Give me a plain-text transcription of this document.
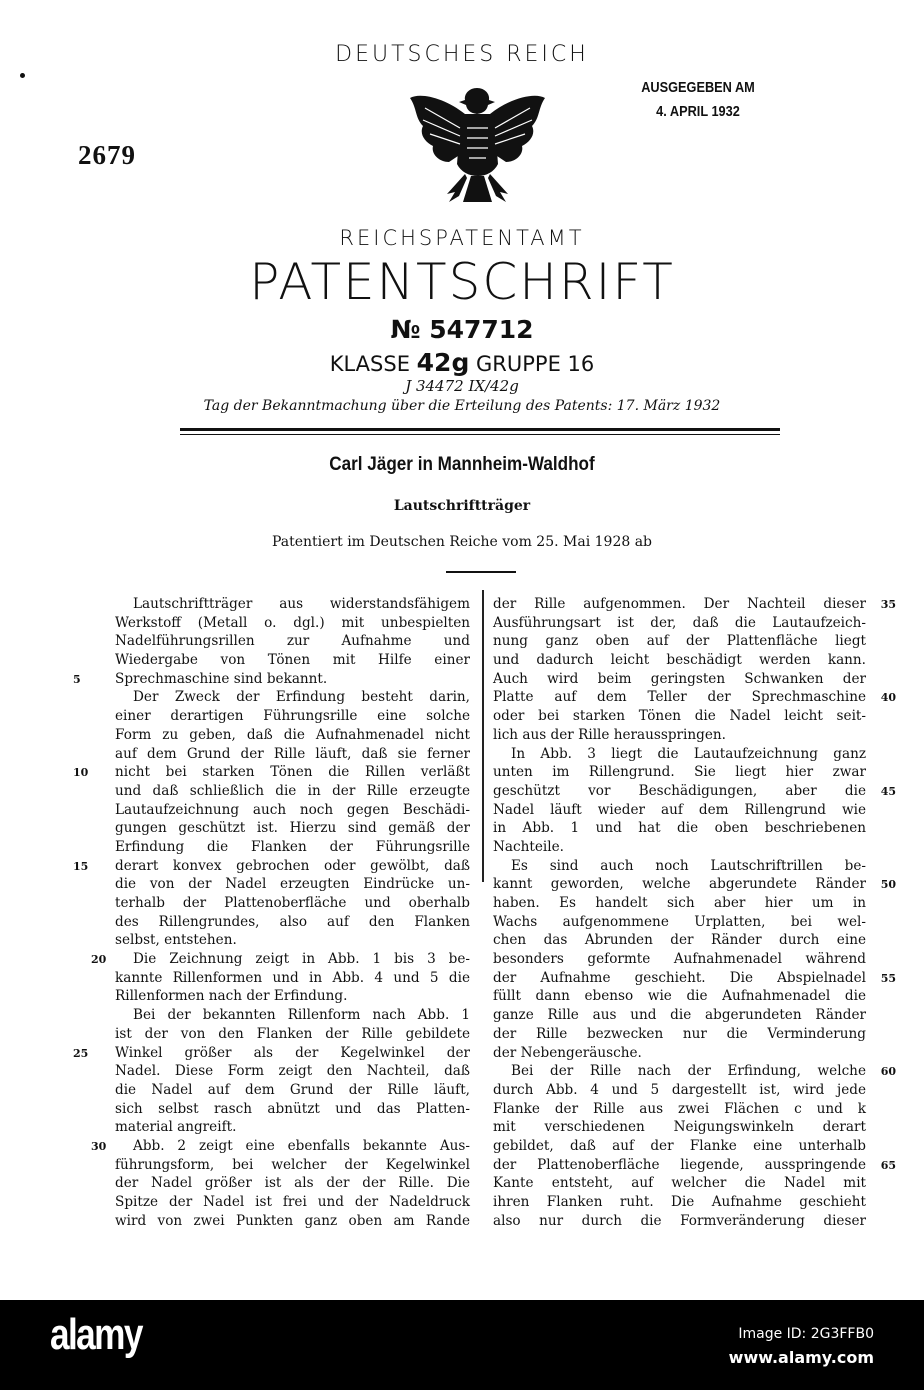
DEUTSCHES REICH
2679
AUSGEGEBEN AM
4. APRIL 1932
REICHSPATENTAMT
PATENTSCHRIFT
№ 547712
KLASSE 42g GRUPPE 16
J 34472 IX/42g
Tag der Bekanntmachung über die Erteilung des Patents: 17. März 1932
Carl Jäger in Mannheim-Waldhof
Lautschriftträger
Patentiert im Deutschen Reiche vom 25. Mai 1928 ab
Lautschriftträger aus widerstandsfähigem
Werkstoff (Metall o. dgl.) mit unbespielten
Nadelführungsrillen zur Aufnahme und
Wiedergabe von Tönen mit Hilfe einer
Sprechmaschine sind bekannt.
5
Der Zweck der Erfindung besteht darin,
einer derartigen Führungsrille eine solche
Form zu geben, daß die Aufnahmenadel nicht
auf dem Grund der Rille läuft, daß sie ferner
nicht bei starken Tönen die Rillen verläßt
10
und daß schließlich die in der Rille erzeugte
Lautaufzeichnung auch noch gegen Beschädi-
gungen geschützt ist. Hierzu sind gemäß der
Erfindung die Flanken der Führungsrille
derart konvex gebrochen oder gewölbt, daß
15
die von der Nadel erzeugten Eindrücke un-
terhalb der Plattenoberfläche und oberhalb
des Rillengrundes, also auf den Flanken
selbst, entstehen.
Die Zeichnung zeigt in Abb. 1 bis 3 be-
20
kannte Rillenformen und in Abb. 4 und 5 die
Rillenformen nach der Erfindung.
Bei der bekannten Rillenform nach Abb. 1
ist der von den Flanken der Rille gebildete
Winkel größer als der Kegelwinkel der
25
Nadel. Diese Form zeigt den Nachteil, daß
die Nadel auf dem Grund der Rille läuft,
sich selbst rasch abnützt und das Platten-
material angreift.
Abb. 2 zeigt eine ebenfalls bekannte Aus-
30
führungsform, bei welcher der Kegelwinkel
der Nadel größer ist als der der Rille. Die
Spitze der Nadel ist frei und der Nadeldruck
wird von zwei Punkten ganz oben am Rande
der Rille aufgenommen. Der Nachteil dieser 35
Ausführungsart ist der, daß die Lautaufzeich-
nung ganz oben auf der Plattenfläche liegt
und dadurch leicht beschädigt werden kann.
Auch wird beim geringsten Schwanken der
Platte auf dem Teller der Sprechmaschine 40
oder bei starken Tönen die Nadel leicht seit-
lich aus der Rille herausspringen.
In Abb. 3 liegt die Lautaufzeichnung ganz
unten im Rillengrund. Sie liegt hier zwar
geschützt vor Beschädigungen, aber die 45
Nadel läuft wieder auf dem Rillengrund wie
in Abb. 1 und hat die oben beschriebenen
Nachteile.
Es sind auch noch Lautschriftrillen be-
kannt geworden, welche abgerundete Ränder 50
haben. Es handelt sich aber hier um in
Wachs aufgenommene Urplatten, bei wel-
chen das Abrunden der Ränder durch eine
besonders geformte Aufnahmenadel während
der Aufnahme geschieht. Die Abspielnadel 55
füllt dann ebenso wie die Aufnahmenadel die
ganze Rille aus und die abgerundeten Ränder
der Rille bezwecken nur die Verminderung
der Nebengeräusche.
Bei der Rille nach der Erfindung, welche	60
durch Abb. 4 und 5 dargestellt ist, wird jede
Flanke der Rille aus zwei Flächen c und k
mit verschiedenen Neigungswinkeln derart
gebildet, daß auf der Flanke eine unterhalb
der Plattenoberfläche liegende, ausspringende 65
Kante entsteht, auf welcher die Nadel mit
ihren Flanken ruht. Die Aufnahme geschieht
also nur durch die Formveränderung dieser
alamy	Image ID: 2G3FFB0
www.alamy.com
